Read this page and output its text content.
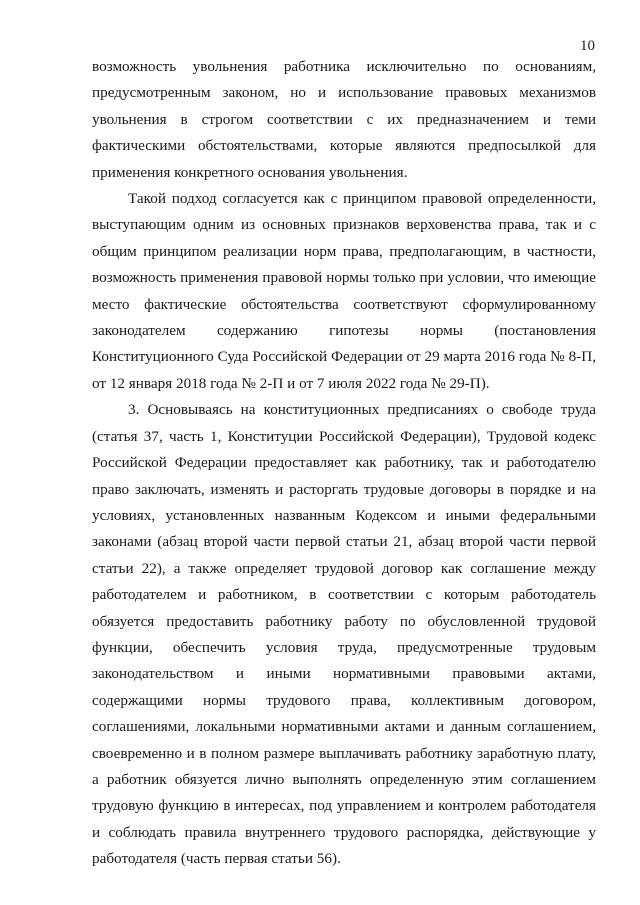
10

возможность увольнения работника исключительно по основаниям, предусмотренным законом, но и использование правовых механизмов увольнения в строгом соответствии с их предназначением и теми фактическими обстоятельствами, которые являются предпосылкой для применения конкретного основания увольнения.

Такой подход согласуется как с принципом правовой определенности, выступающим одним из основных признаков верховенства права, так и с общим принципом реализации норм права, предполагающим, в частности, возможность применения правовой нормы только при условии, что имеющие место фактические обстоятельства соответствуют сформулированному законодателем содержанию гипотезы нормы (постановления Конституционного Суда Российской Федерации от 29 марта 2016 года № 8-П, от 12 января 2018 года № 2-П и от 7 июля 2022 года № 29-П).

3. Основываясь на конституционных предписаниях о свободе труда (статья 37, часть 1, Конституции Российской Федерации), Трудовой кодекс Российской Федерации предоставляет как работнику, так и работодателю право заключать, изменять и расторгать трудовые договоры в порядке и на условиях, установленных названным Кодексом и иными федеральными законами (абзац второй части первой статьи 21, абзац второй части первой статьи 22), а также определяет трудовой договор как соглашение между работодателем и работником, в соответствии с которым работодатель обязуется предоставить работнику работу по обусловленной трудовой функции, обеспечить условия труда, предусмотренные трудовым законодательством и иными нормативными правовыми актами, содержащими нормы трудового права, коллективным договором, соглашениями, локальными нормативными актами и данным соглашением, своевременно и в полном размере выплачивать работнику заработную плату, а работник обязуется лично выполнять определенную этим соглашением трудовую функцию в интересах, под управлением и контролем работодателя и соблюдать правила внутреннего трудового распорядка, действующие у работодателя (часть первая статьи 56).
